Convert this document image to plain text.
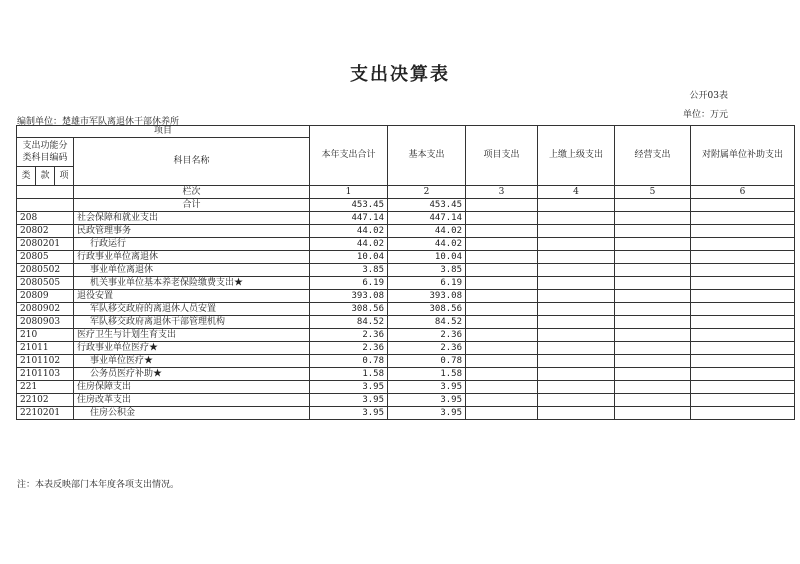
支出决算表
公开03表
单位：万元
编制单位：楚雄市军队离退休干部休养所
项目				本年支出合计	基本支出	项目支出	上缴上级支出	经营支出	对附属单位补助支出
支出功能分类科目编码			科目名称						
类	款	项							
			栏次	1	2	3	4	5	6
			合计	453.45	453.45				
208			社会保障和就业支出	447.14	447.14				
20802			民政管理事务	44.02	44.02				
2080201			行政运行	44.02	44.02				
20805			行政事业单位离退休	10.04	10.04				
2080502			事业单位离退休	3.85	3.85				
2080505			机关事业单位基本养老保险缴费支出★	6.19	6.19				
20809			退役安置	393.08	393.08				
2080902			军队移交政府的离退休人员安置	308.56	308.56				
2080903			军队移交政府离退休干部管理机构	84.52	84.52				
210			医疗卫生与计划生育支出	2.36	2.36				
21011			行政事业单位医疗★	2.36	2.36				
2101102			事业单位医疗★	0.78	0.78				
2101103			公务员医疗补助★	1.58	1.58				
221			住房保障支出	3.95	3.95				
22102			住房改革支出	3.95	3.95				
2210201			住房公积金	3.95	3.95				
注：本表反映部门本年度各项支出情况。
